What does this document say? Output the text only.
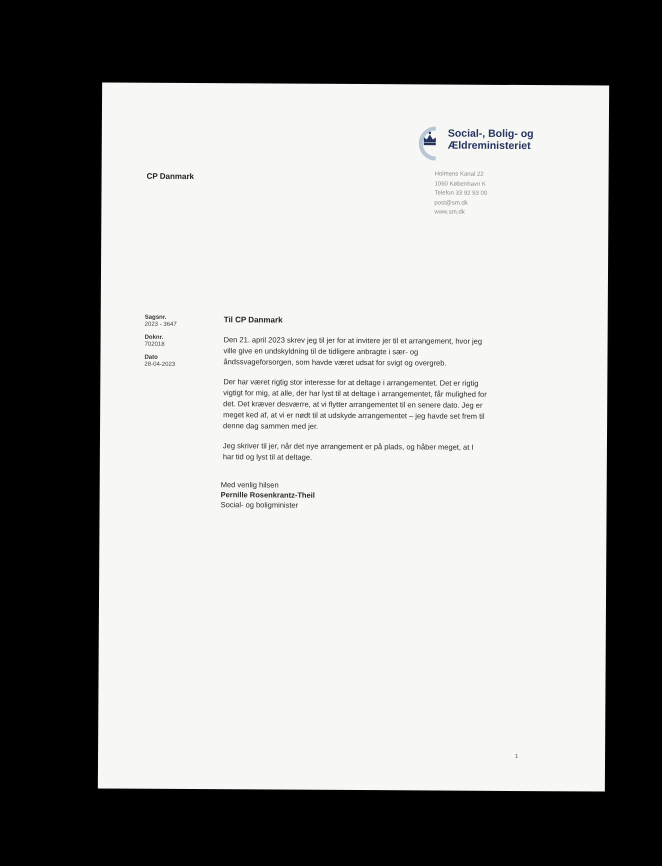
Social-, Bolig- og
Ældreministeriet
CP Danmark	Holmens Kanal 22
1060 København K
Telefon 33 92 93 00
post@sm.dk
www.sm.dk
Sagsnr.
2023 - 3647
Doknr.
702018
Dato
28-04-2023
Til CP Danmark

Den 21. april 2023 skrev jeg til jer for at invitere jer til et arrangement, hvor jeg
ville give en undskyldning til de tidligere anbragte i sær- og
åndssvageforsorgen, som havde været udsat for svigt og overgreb.

Der har været rigtig stor interesse for at deltage i arrangementet. Det er rigtig
vigtigt for mig, at alle, der har lyst til at deltage i arrangementet, får mulighed for
det. Det kræver desværre, at vi flytter arrangementet til en senere dato. Jeg er
meget ked af, at vi er nødt til at udskyde arrangementet – jeg havde set frem til
denne dag sammen med jer.

Jeg skriver til jer, når det nye arrangement er på plads, og håber meget, at I
har tid og lyst til at deltage.

Med venlig hilsen
Pernille Rosenkrantz-Theil
Social- og boligminister
1
